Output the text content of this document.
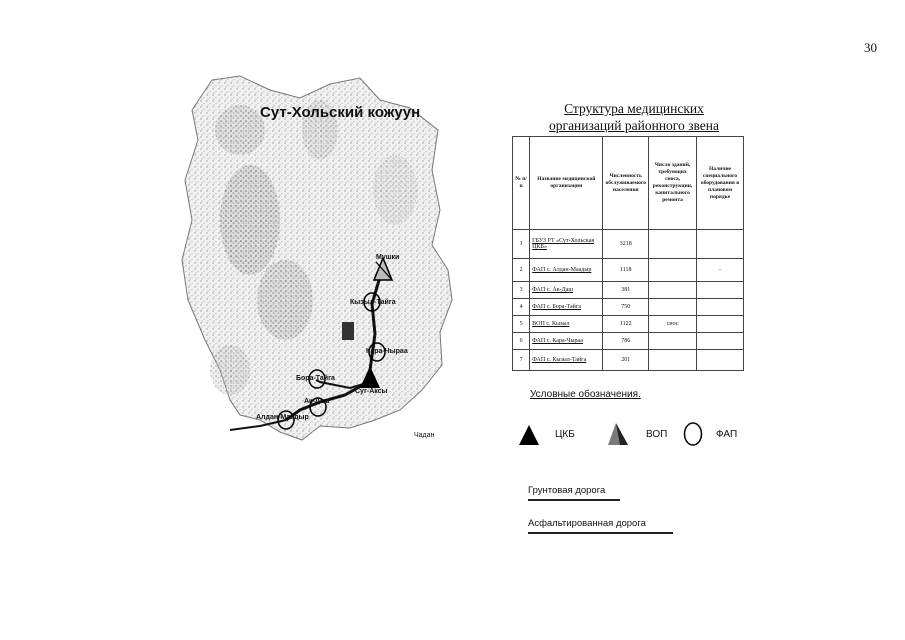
30
Сут-Хольский кожуун
Мушки
Кызыл-Тайга
Кара-Чыраа
Бора-Тайга
Ак-Даш
Алдан-Маадыр
Суг-Аксы
Чадан
Структура медицинских
организаций районного звена
№ п/п	Название медицинской организации	Численность обслуживаемого населения	Число зданий, требующих сноса, реконструкции, капитального ремонта	Наличие специального оборудования в плановом порядке
1	ГБУЗ РТ «Сут-Хольская ЦКБ»	3218		
2	ФАП с. Алдан-Маадыр	1118		-
3	ФАП с. Ак-Даш	381		
4	ФАП с. Бора-Тайга	750		
5	ВОП с. Кызыл	1122	снос	
6	ФАП с. Кара-Чыраа	786		
7	ФАП с. Кызыл-Тайга	201		
Условные обозначения.
ЦКБ	ВОП	ФАП
Грунтовая дорога
Асфальтированная дорога
